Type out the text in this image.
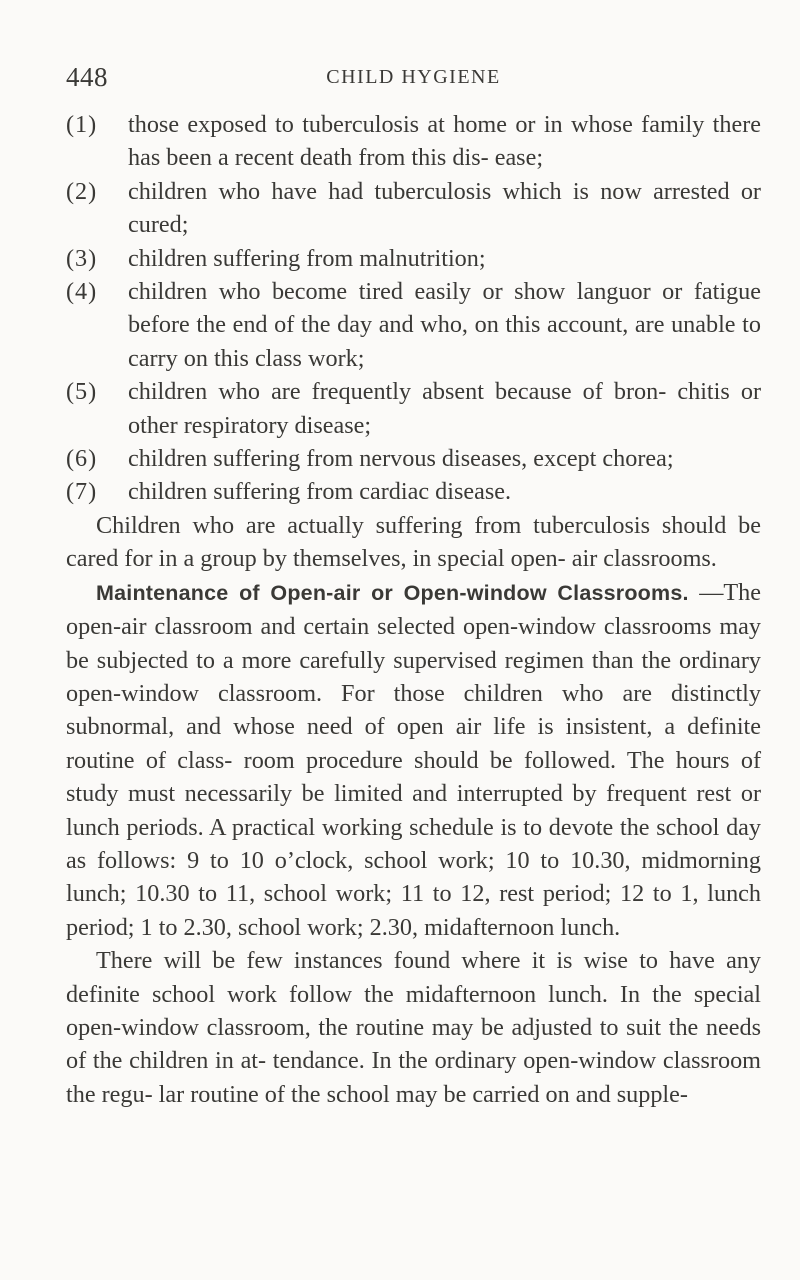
448	CHILD HYGIENE
(1) those exposed to tuberculosis at home or in whose family there has been a recent death from this dis- ease;
(2) children who have had tuberculosis which is now arrested or cured;
(3) children suffering from malnutrition;
(4) children who become tired easily or show languor or fatigue before the end of the day and who, on this account, are unable to carry on this class work;
(5) children who are frequently absent because of bron- chitis or other respiratory disease;
(6) children suffering from nervous diseases, except chorea;
(7) children suffering from cardiac disease.

Children who are actually suffering from tuberculosis should be cared for in a group by themselves, in special open- air classrooms.

Maintenance of Open-air or Open-window Classrooms. —The open-air classroom and certain selected open-window classrooms may be subjected to a more carefully supervised regimen than the ordinary open-window classroom. For those children who are distinctly subnormal, and whose need of open air life is insistent, a definite routine of class- room procedure should be followed. The hours of study must necessarily be limited and interrupted by frequent rest or lunch periods. A practical working schedule is to devote the school day as follows: 9 to 10 o’clock, school work; 10 to 10.30, midmorning lunch; 10.30 to 11, school work; 11 to 12, rest period; 12 to 1, lunch period; 1 to 2.30, school work; 2.30, midafternoon lunch.

There will be few instances found where it is wise to have any definite school work follow the midafternoon lunch. In the special open-window classroom, the routine may be adjusted to suit the needs of the children in at- tendance. In the ordinary open-window classroom the regu- lar routine of the school may be carried on and supple-
